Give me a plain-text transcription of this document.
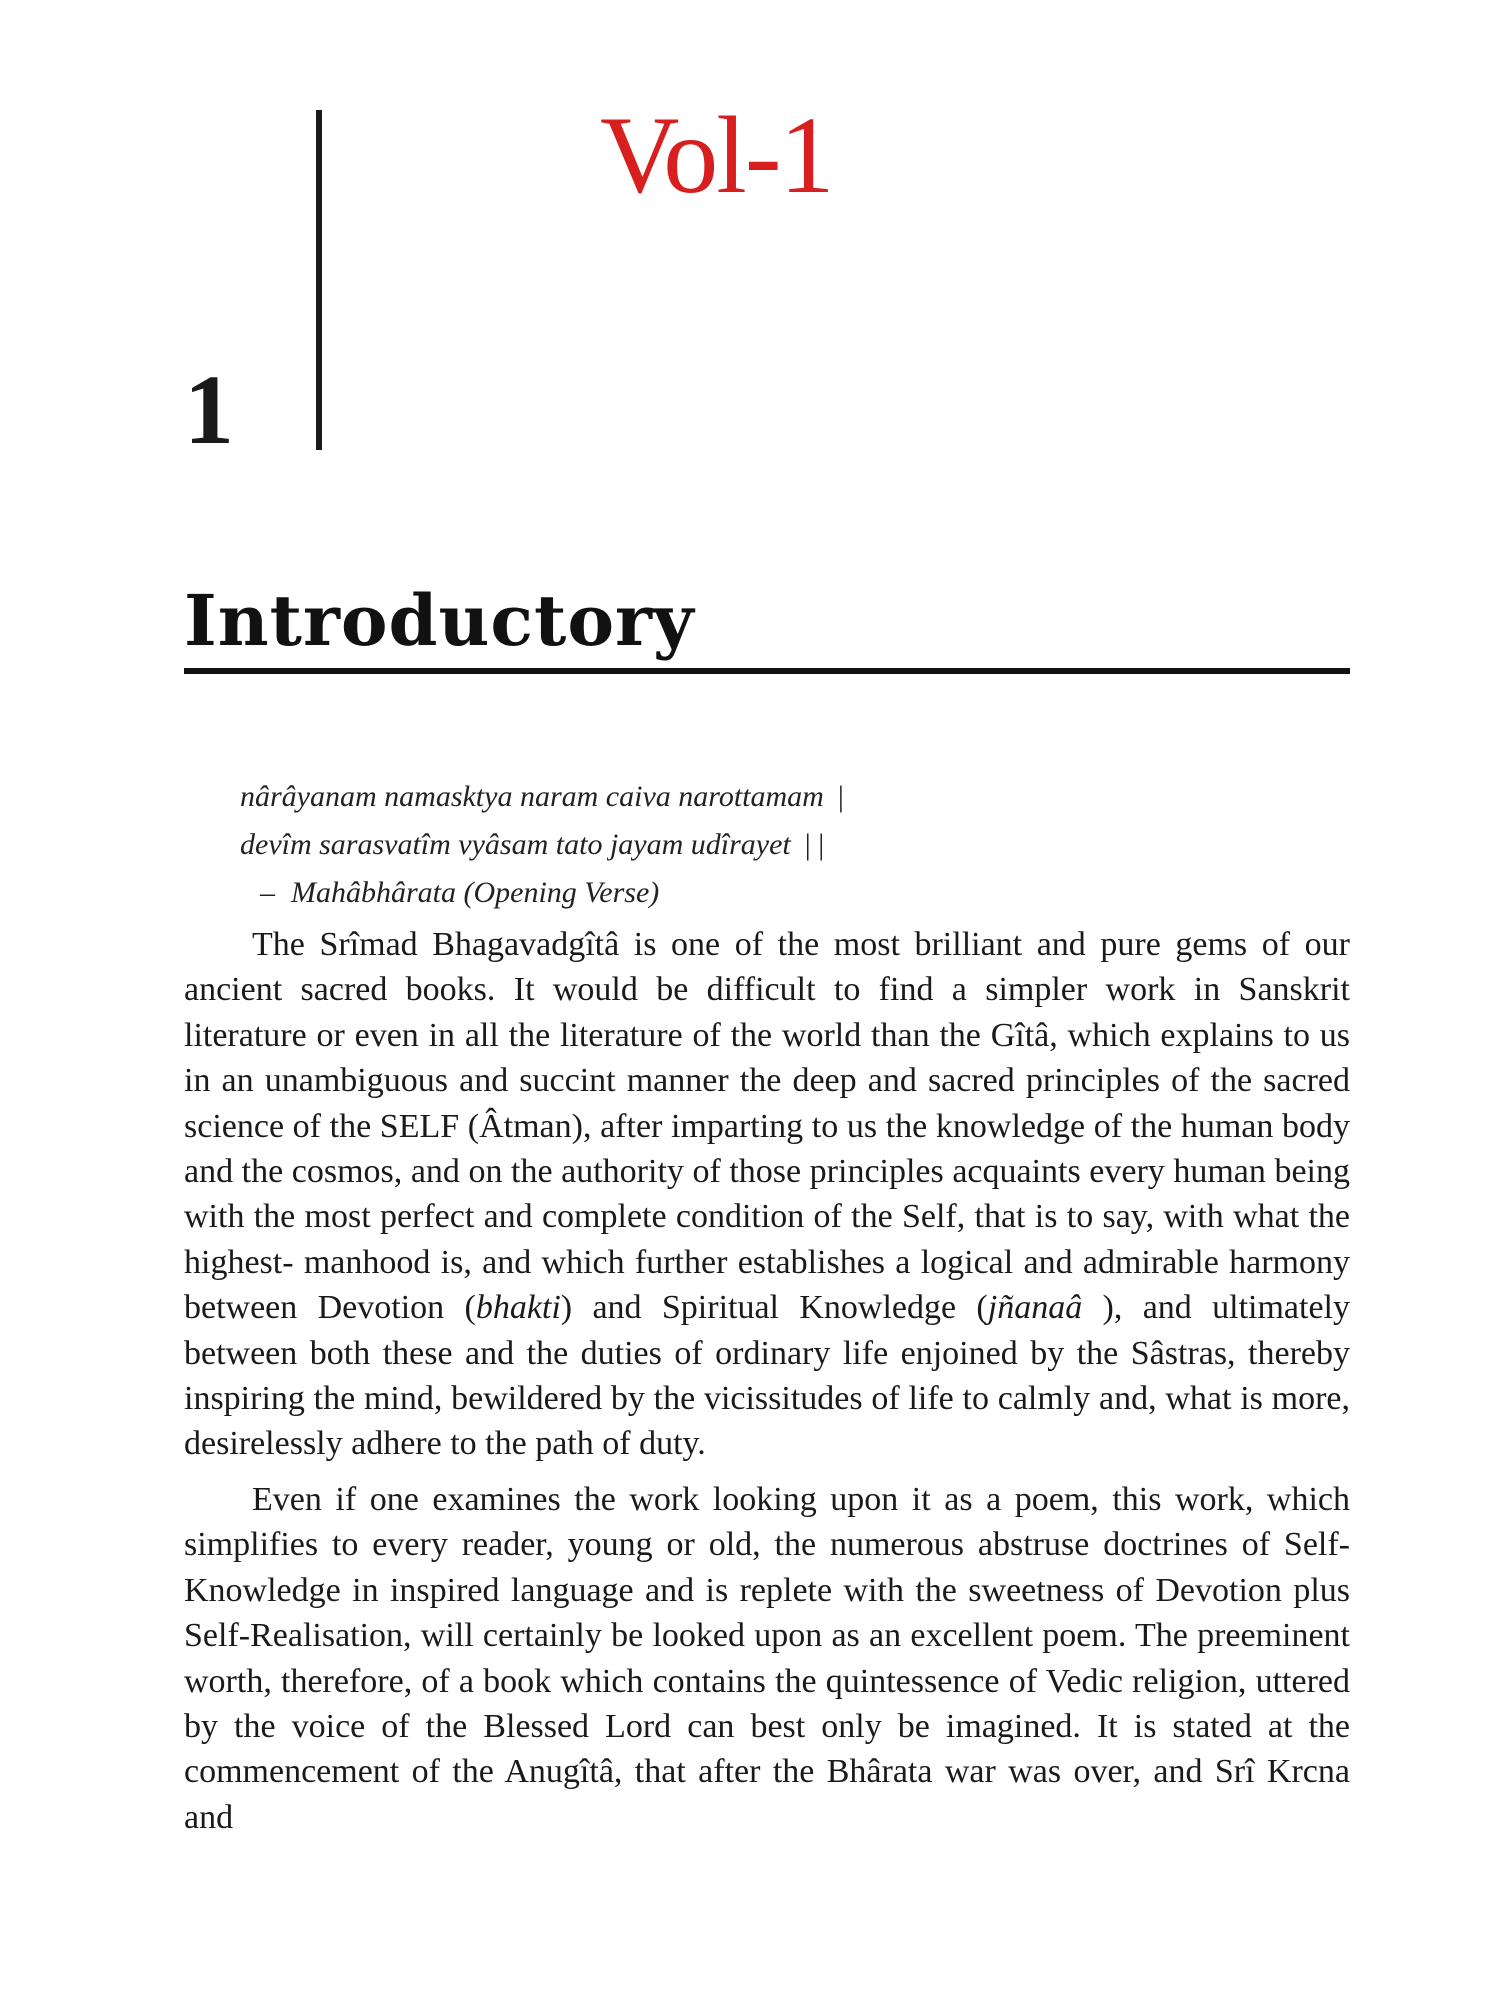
Vol-1
1
Introductory
nârâyanam namasktya naram caiva narottamam |
devîm sarasvatîm vyâsam tato jayam udîrayet | |
– Mahâbhârata (Opening Verse)

The Srîmad Bhagavadgîtâ is one of the most brilliant and pure gems of our ancient sacred books. It would be difficult to find a simpler work in Sanskrit literature or even in all the literature of the world than the Gîtâ, which explains to us in an unambiguous and succint manner the deep and sacred principles of the sacred science of the SELF (Âtman), after imparting to us the knowledge of the human body and the cosmos, and on the authority of those principles acquaints every human being with the most perfect and complete condition of the Self, that is to say, with what the highest- manhood is, and which further establishes a logical and admirable harmony between Devotion (bhakti) and Spiritual Knowledge (jñanaâ ), and ultimately between both these and the duties of ordinary life enjoined by the Sâstras, thereby inspiring the mind, bewildered by the vicissitudes of life to calmly and, what is more, desirelessly adhere to the path of duty.

Even if one examines the work looking upon it as a poem, this work, which simplifies to every reader, young or old, the numerous abstruse doctrines of Self-Knowledge in inspired language and is replete with the sweetness of Devotion plus Self-Realisation, will certainly be looked upon as an excellent poem. The preeminent worth, therefore, of a book which contains the quintessence of Vedic religion, uttered by the voice of the Blessed Lord can best only be imagined. It is stated at the commencement of the Anugîtâ, that after the Bhârata war was over, and Srî Krcna and
